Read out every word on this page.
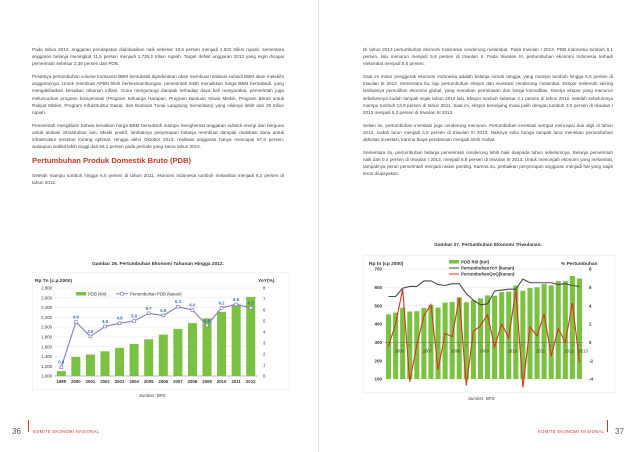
Pada tahun 2013, anggaran pendapatan dialokasikan naik sebesar 10,6 persen menjadi 1.502 triliun rupiah, sementara anggaran belanja meningkat 11,5 persen menjadi 1.726,2 triliun rupiah. Target defisit anggaran 2013 yang ingin dicapai pemerintah sebesar 2,38 persen dari PDB.

Pesatnya pertumbuhan volume konsumsi BBM bersubsidi diperkirakan akan membuat realisasi subsidi BBM akan melebihi anggarannya. Untuk membuat APBN lebih berkesinambungan, pemerintah telah menaikkan harga BBM bersubsidi, yang mengakibatkan kenaikan tekanan inflasi. Guna mengurangi dampak terhadap daya beli masyarakat, pemerintah juga meluncurkan program kompensasi (Program Keluarga Harapan, Program Bantuan Siswa Miskin, Program Beras untuk Rakyat Miskin, Program Infrastruktur Dasar, dan Bantuan Tunai Langsung Sementara) yang nilainya lebih dari 29 triliun rupiah.

Pemerintah mengklaim bahwa kenaikan harga BBM bersubsidi mampu menghemat anggaran subsidi energi dan berguna untuk alokasi infrastruktur lain. Meski positif, lambatnya penyerapan belanja membuat dampak realokasi dana untuk infrastruktur tersebut kurang optimal. Hingga akhir Oktober 2013, realisasi anggaran hanya mencapai 67,6 persen, walaupun sedikit lebih tinggi dari 66,1 persen pada periode yang sama tahun 2012.

Pertumbuhan Produk Domestik Bruto (PDB)

Setelah mampu tumbuh hingga 6,5 persen di tahun 2011, ekonomi Indonesia tumbuh melambat menjadi 6,2 persen di tahun 2012.

Gambar 26. Pertumbuhan Ekonomi Tahunan Hingga 2012.
Rp Tn (c.p.2000)	YoY(%)
1,000
1,200
1,400
1,600
1,800
2,000
2,200
2,400
2,600
2,800
0
1
2
3
4
5
6
7
8
1999 2000 2001 2002 2003 2004 2005 2006 2007 2008 2009 2010 2011 2012
0.8
4.9
3.6
4.5
4.8 5.0
5.7 5.5
6.3
6.0
4.6
6.2
6.5
6.2
PDB (kiri)	Pertumbuhan PDB (kanan)
Sumber: BPS
36	KOMITE EKONOMI NASIONAL

Di tahun 2013 pertumbuhan ekonomi Indonesia cenderung melambat. Pada triwulan I 2013, PDB Indonesia tumbuh 6,1 persen, lalu menurun menjadi 5,8 persen di triwulan II. Pada triwulan III, pertumbuhan ekonomi Indonesia terhadi melambat menjadi 5,6 persen.

Saat ini motor penggerak ekonomi Indonesia adalah belanja rumah tangga, yang mampu tumbuh hingga 5,5 persen di triwulan III 2013. Sementara itu, laju pertumbuhan ekspor dan investasi cenderung melambat. Ekspor melemah seiring lambatnya pemulihan ekonomi global, yang menekan permintaan dan harga komoditas. Kinerja ekspor yang menurun sebelumnya sudah tampak sejak tahun 2012 lalu. Ekspor tumbuh sebesar 2,1 persen di tahun 2012, setelah sebelumnya mampu tumbuh 13,9 persen di tahun 2011. Saat ini, ekspor beranjang mulai pulih dengan tumbuh 3,6 persen di triwulan I 2013 menjadi 5,3 persen di triwulan III 2013.

Selain itu, pertumbuhan investasi juga cenderung menurun. Pertumbuhan investasi sempat mencapai dua digit di tahun 2012, sudah turun menjadi 4,5 persen di triwulan III 2013. Naiknya suku bunga tampak turut menekan pertumbuhan aktivitas investasi, karena biaya pendanaan menjadi lebih mahal.

Sementara itu, pertumbuhan belanja pemerintah cenderung lebih baik daripada tahun sebelumnya. Belanja pemerintah naik dari 0,4 persen di triwulan I 2013, menjadi 8,8 persen di triwulan III 2013. Untuk mencegah ekonomi yang melambat, tampaknya peran pemerintah menjadi makin penting. Karena itu, perbaikan penyerapan anggaran menjadi hal yang wajib terus diupayakan.

Gambar 27. Pertumbuhan Ekonomi Triwulanan.
Rp tn (cp 2000)	% Pertumbuhan
100
200
300
400
500
600
700
-4
-2
0
2
4
6
8
I II III IV I II III IV I II III IV I II III IV I II III IV I II III IV I II III IV
2006	2007	2008	2009	2010	2011	2012 2013
PDB Riil (kiri)
PertumbuhanYoY (kanan)
PertumbuhanQoQ(kanan)
Sumber: BPS
KOMITE EKONOMI NASIONAL 37
